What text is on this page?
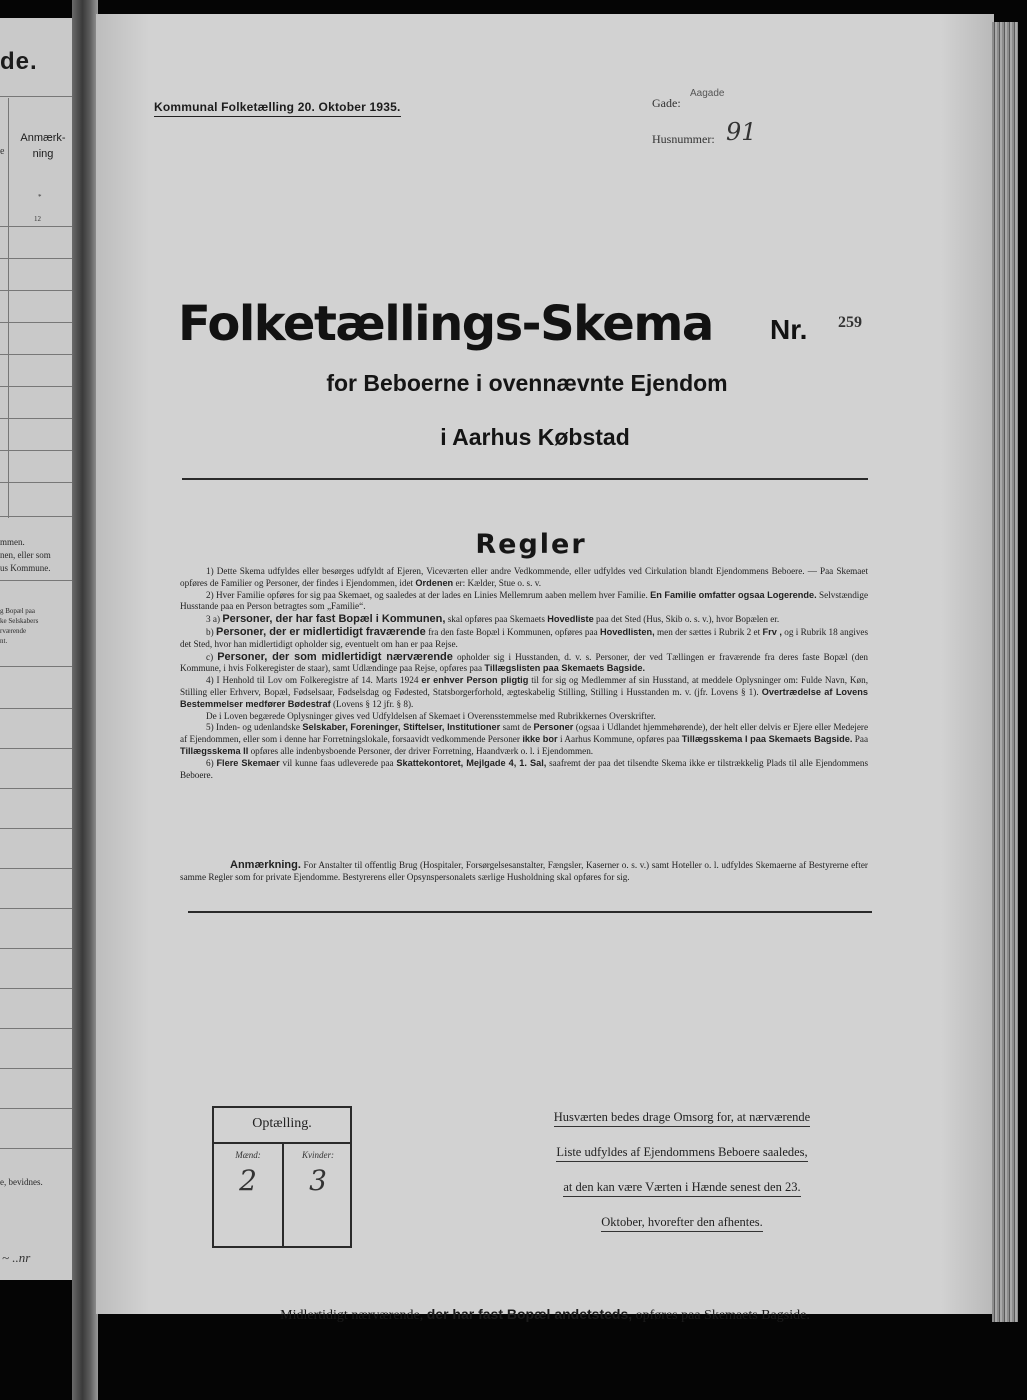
de.
e
Anmærk-ning
*
12
mmen.
nen, eller som
us Kommune.
g Bopæl paa
ke Selskabers
rværende
nt.
e, bevidnes.
~ ..nr
Kommunal Folketælling 20. Oktober 1935.	Gade:
Aagade
Husnummer: 91
Folketællings-Skema Nr. 259
for Beboerne i ovennævnte Ejendom
i Aarhus Købstad
Regler

1) Dette Skema udfyldes eller besørges udfyldt af Ejeren, Viceværten eller andre Vedkommende, eller udfyldes ved Cirkulation blandt Ejendommens Beboere. — Paa Skemaet opføres de Familier og Personer, der findes i Ejendommen, idet Ordenen er: Kælder, Stue o. s. v.

2) Hver Familie opføres for sig paa Skemaet, og saaledes at der lades en Linies Mellemrum aaben mellem hver Familie. En Familie omfatter ogsaa Logerende. Selvstændige Husstande paa en Person betragtes som „Familie“.

3 a) Personer, der har fast Bopæl i Kommunen, skal opføres paa Skemaets Hovedliste paa det Sted (Hus, Skib o. s. v.), hvor Bopælen er.

b) Personer, der er midlertidigt fraværende fra den faste Bopæl i Kommunen, opføres paa Hovedlisten, men der sættes i Rubrik 2 et Frv , og i Rubrik 18 angives det Sted, hvor han midlertidigt opholder sig, eventuelt om han er paa Rejse.

c) Personer, der som midlertidigt nærværende opholder sig i Husstanden, d. v. s. Personer, der ved Tællingen er fraværende fra deres faste Bopæl (den Kommune, i hvis Folkeregister de staar), samt Udlændinge paa Rejse, opføres paa Tillægslisten paa Skemaets Bagside.

4) I Henhold til Lov om Folkeregistre af 14. Marts 1924 er enhver Person pligtig til for sig og Medlemmer af sin Husstand, at meddele Oplysninger om: Fulde Navn, Køn, Stilling eller Erhverv, Bopæl, Fødselsaar, Fødselsdag og Fødested, Statsborgerforhold, ægteskabelig Stilling, Stilling i Husstanden m. v. (jfr. Lovens § 1). Overtrædelse af Lovens Bestemmelser medfører Bødestraf (Lovens § 12 jfr. § 8).

De i Loven begærede Oplysninger gives ved Udfyldelsen af Skemaet i Overensstemmelse med Rubrikkernes Overskrifter.

5) Inden- og udenlandske Selskaber, Foreninger, Stiftelser, Institutioner samt de Personer (ogsaa i Udlandet hjemmehørende), der helt eller delvis er Ejere eller Medejere af Ejendommen, eller som i denne har Forretningslokale, forsaavidt vedkommende Personer ikke bor i Aarhus Kommune, opføres paa Tillægsskema I paa Skemaets Bagside. Paa Tillægsskema II opføres alle indenbysboende Personer, der driver Forretning, Haandværk o. l. i Ejendommen.

6) Flere Skemaer vil kunne faas udleverede paa Skattekontoret, Mejlgade 4, 1. Sal, saafremt der paa det tilsendte Skema ikke er tilstrækkelig Plads til alle Ejendommens Beboere.

Anmærkning. For Anstalter til offentlig Brug (Hospitaler, Forsørgelsesanstalter, Fængsler, Kaserner o. s. v.) samt Hoteller o. l. udfyldes Skemaerne af Bestyrerne efter samme Regler som for private Ejendomme. Bestyrerens eller Opsynspersonalets særlige Husholdning skal opføres for sig.

Optælling.
Mænd:	Kvinder:
2	3
Husværten bedes drage Omsorg for, at nærværende
Liste udfyldes af Ejendommens Beboere saaledes,
at den kan være Værten i Hænde senest den 23.
Oktober, hvorefter den afhentes.
Midlertidigt nærværende, der har fast Bopæl andetsteds, opføres paa Skemaets Bagside.
